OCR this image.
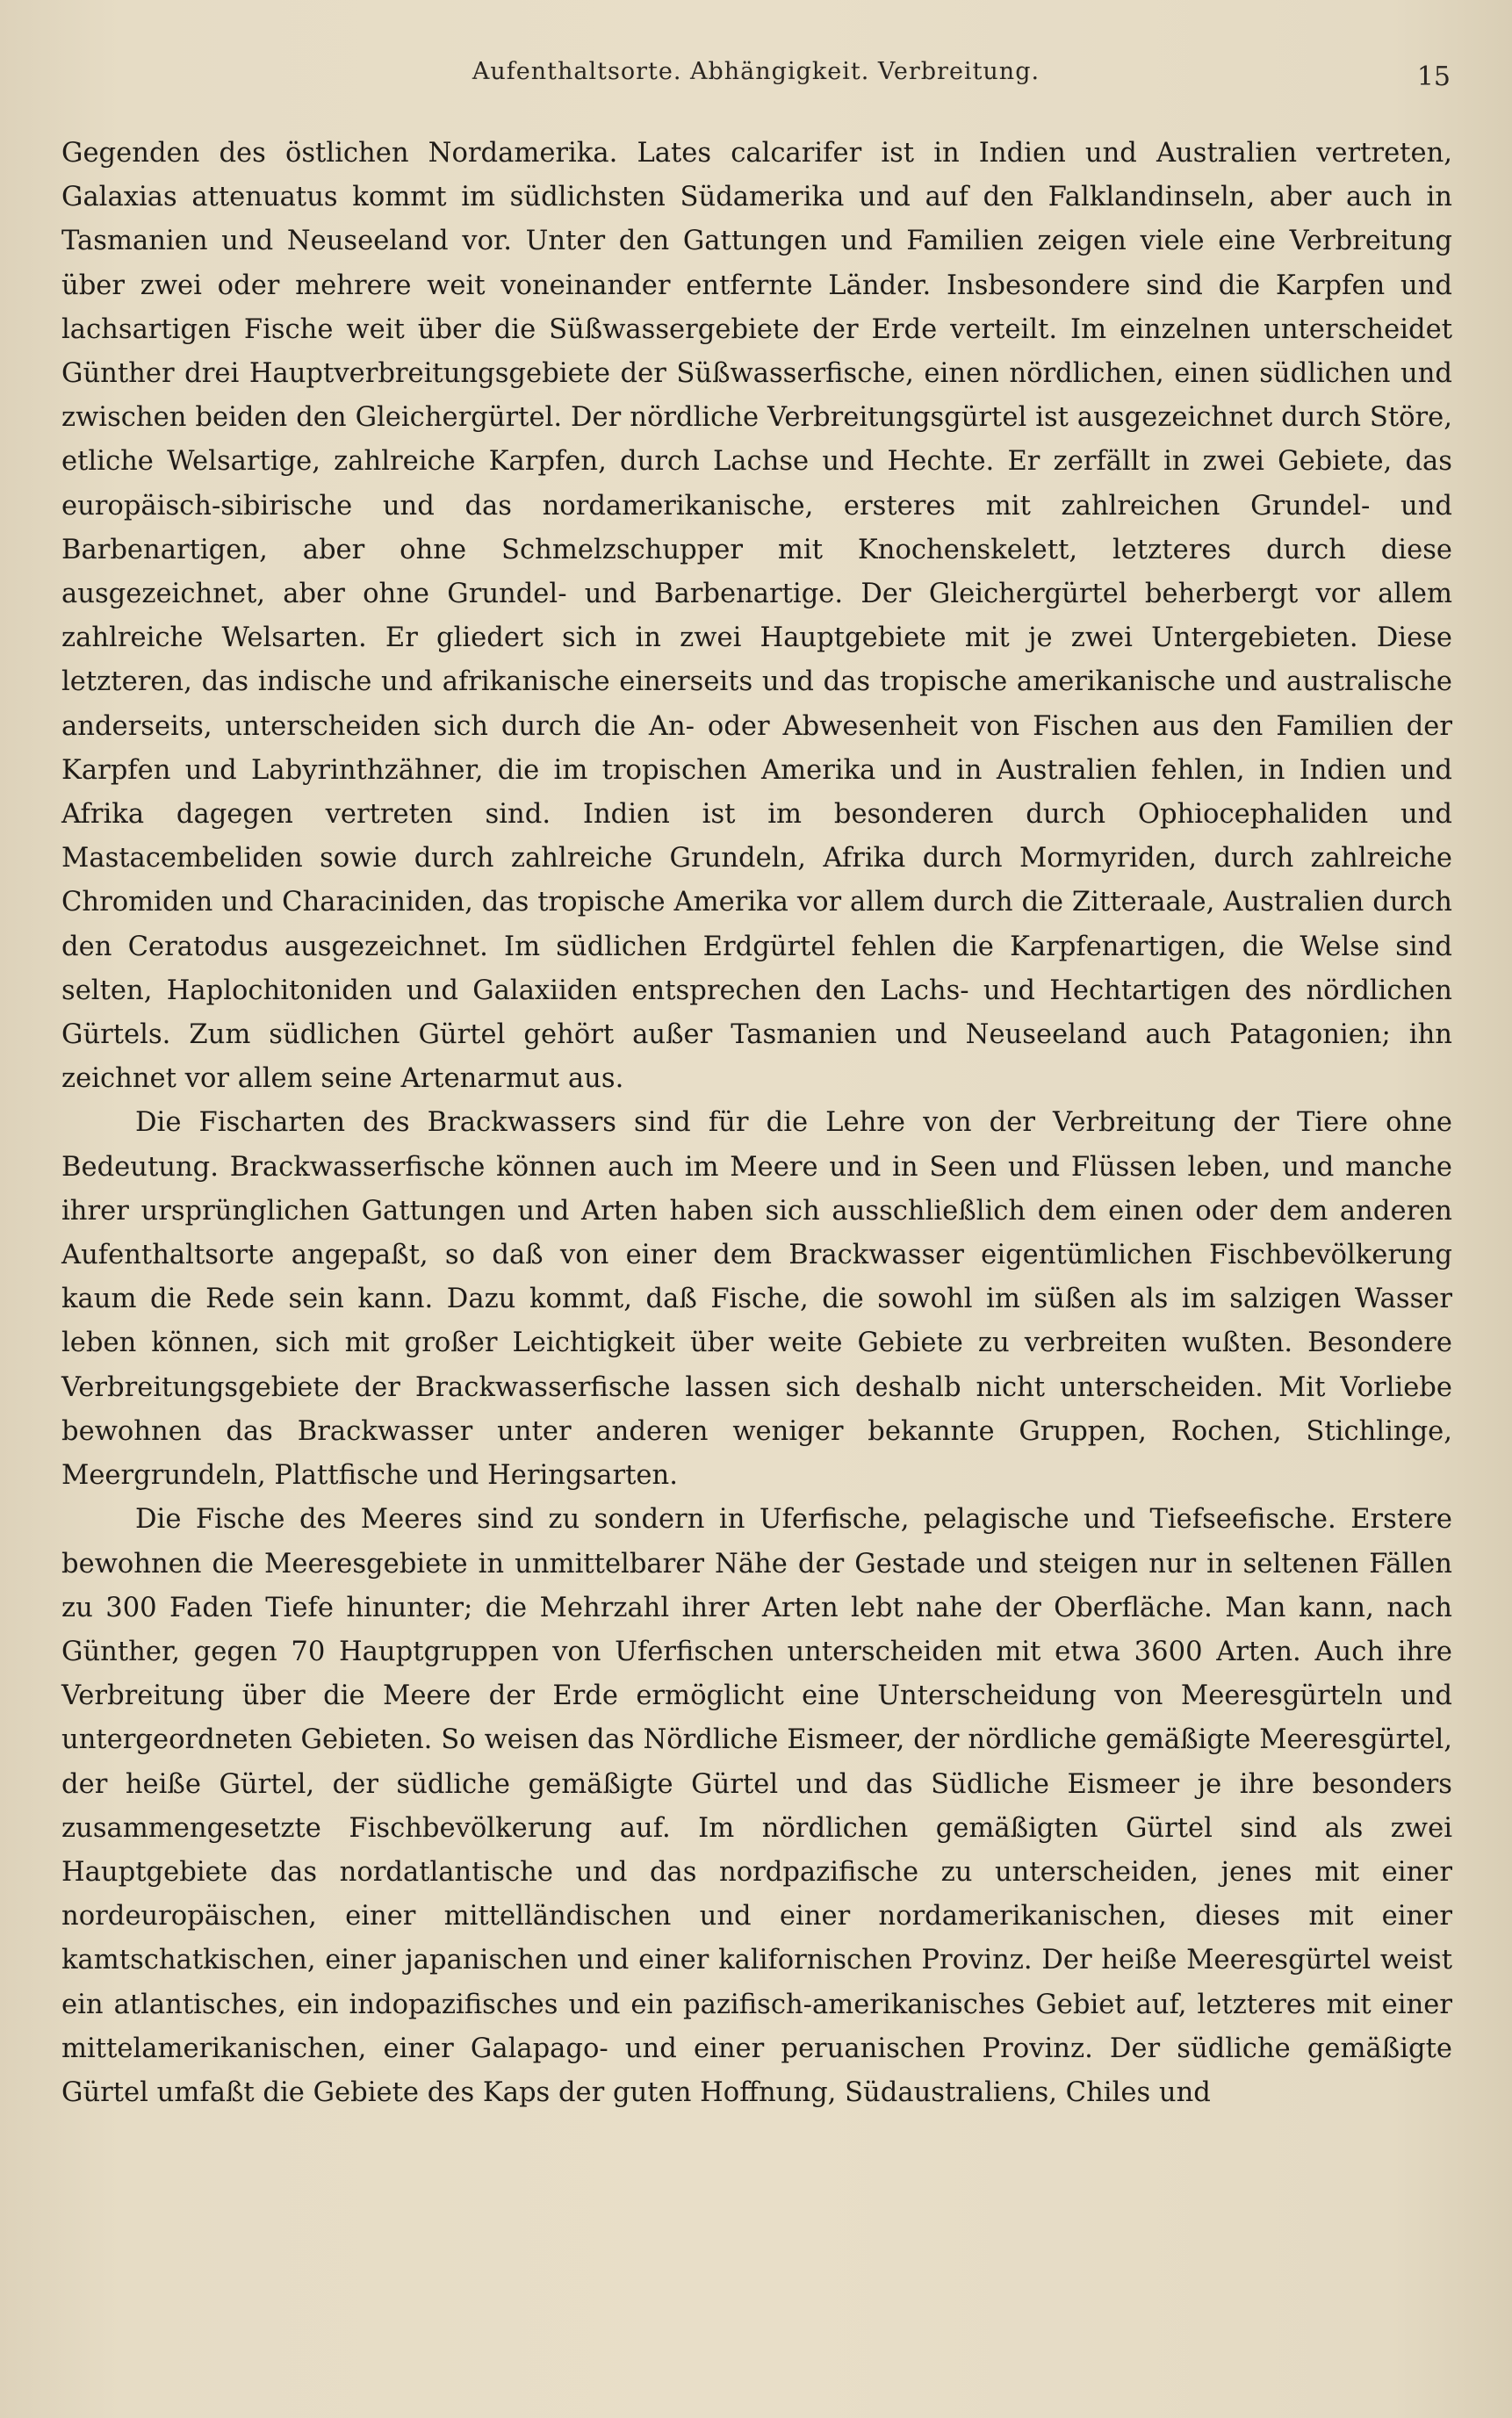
Aufenthaltsorte. Abhängigkeit. Verbreitung.	15

Gegenden des östlichen Nordamerika. Lates calcarifer ist in Indien und Australien vertreten, Galaxias attenuatus kommt im südlichsten Südamerika und auf den Falklandinseln, aber auch in Tasmanien und Neuseeland vor. Unter den Gattungen und Familien zeigen viele eine Verbreitung über zwei oder mehrere weit voneinander entfernte Länder. Insbesondere sind die Karpfen und lachsartigen Fische weit über die Süßwassergebiete der Erde verteilt. Im einzelnen unterscheidet Günther drei Hauptverbreitungsgebiete der Süßwasserfische, einen nördlichen, einen südlichen und zwischen beiden den Gleichergürtel. Der nördliche Verbreitungsgürtel ist ausgezeichnet durch Störe, etliche Welsartige, zahlreiche Karpfen, durch Lachse und Hechte. Er zerfällt in zwei Gebiete, das europäisch-sibirische und das nordamerikanische, ersteres mit zahlreichen Grundel- und Barbenartigen, aber ohne Schmelzschupper mit Knochenskelett, letzteres durch diese ausgezeichnet, aber ohne Grundel- und Barbenartige. Der Gleichergürtel beherbergt vor allem zahlreiche Welsarten. Er gliedert sich in zwei Hauptgebiete mit je zwei Untergebieten. Diese letzteren, das indische und afrikanische einerseits und das tropische amerikanische und australische anderseits, unterscheiden sich durch die An- oder Abwesenheit von Fischen aus den Familien der Karpfen und Labyrinthzähner, die im tropischen Amerika und in Australien fehlen, in Indien und Afrika dagegen vertreten sind. Indien ist im besonderen durch Ophiocephaliden und Mastacembeliden sowie durch zahlreiche Grundeln, Afrika durch Mormyriden, durch zahlreiche Chromiden und Characiniden, das tropische Amerika vor allem durch die Zitteraale, Australien durch den Ceratodus ausgezeichnet. Im südlichen Erdgürtel fehlen die Karpfenartigen, die Welse sind selten, Haplochitoniden und Galaxiiden entsprechen den Lachs- und Hechtartigen des nördlichen Gürtels. Zum südlichen Gürtel gehört außer Tasmanien und Neuseeland auch Patagonien; ihn zeichnet vor allem seine Artenarmut aus.

Die Fischarten des Brackwassers sind für die Lehre von der Verbreitung der Tiere ohne Bedeutung. Brackwasserfische können auch im Meere und in Seen und Flüssen leben, und manche ihrer ursprünglichen Gattungen und Arten haben sich ausschließlich dem einen oder dem anderen Aufenthaltsorte angepaßt, so daß von einer dem Brackwasser eigentümlichen Fischbevölkerung kaum die Rede sein kann. Dazu kommt, daß Fische, die sowohl im süßen als im salzigen Wasser leben können, sich mit großer Leichtigkeit über weite Gebiete zu verbreiten wußten. Besondere Verbreitungsgebiete der Brackwasserfische lassen sich deshalb nicht unterscheiden. Mit Vorliebe bewohnen das Brackwasser unter anderen weniger bekannte Gruppen, Rochen, Stichlinge, Meergrundeln, Plattfische und Heringsarten.

Die Fische des Meeres sind zu sondern in Uferfische, pelagische und Tiefseefische. Erstere bewohnen die Meeresgebiete in unmittelbarer Nähe der Gestade und steigen nur in seltenen Fällen zu 300 Faden Tiefe hinunter; die Mehrzahl ihrer Arten lebt nahe der Oberfläche. Man kann, nach Günther, gegen 70 Hauptgruppen von Uferfischen unterscheiden mit etwa 3600 Arten. Auch ihre Verbreitung über die Meere der Erde ermöglicht eine Unterscheidung von Meeresgürteln und untergeordneten Gebieten. So weisen das Nördliche Eismeer, der nördliche gemäßigte Meeresgürtel, der heiße Gürtel, der südliche gemäßigte Gürtel und das Südliche Eismeer je ihre besonders zusammengesetzte Fischbevölkerung auf. Im nördlichen gemäßigten Gürtel sind als zwei Hauptgebiete das nordatlantische und das nordpazifische zu unterscheiden, jenes mit einer nordeuropäischen, einer mittelländischen und einer nordamerikanischen, dieses mit einer kamtschatkischen, einer japanischen und einer kalifornischen Provinz. Der heiße Meeresgürtel weist ein atlantisches, ein indopazifisches und ein pazifisch-amerikanisches Gebiet auf, letzteres mit einer mittelamerikanischen, einer Galapago- und einer peruanischen Provinz. Der südliche gemäßigte Gürtel umfaßt die Gebiete des Kaps der guten Hoffnung, Südaustraliens, Chiles und
